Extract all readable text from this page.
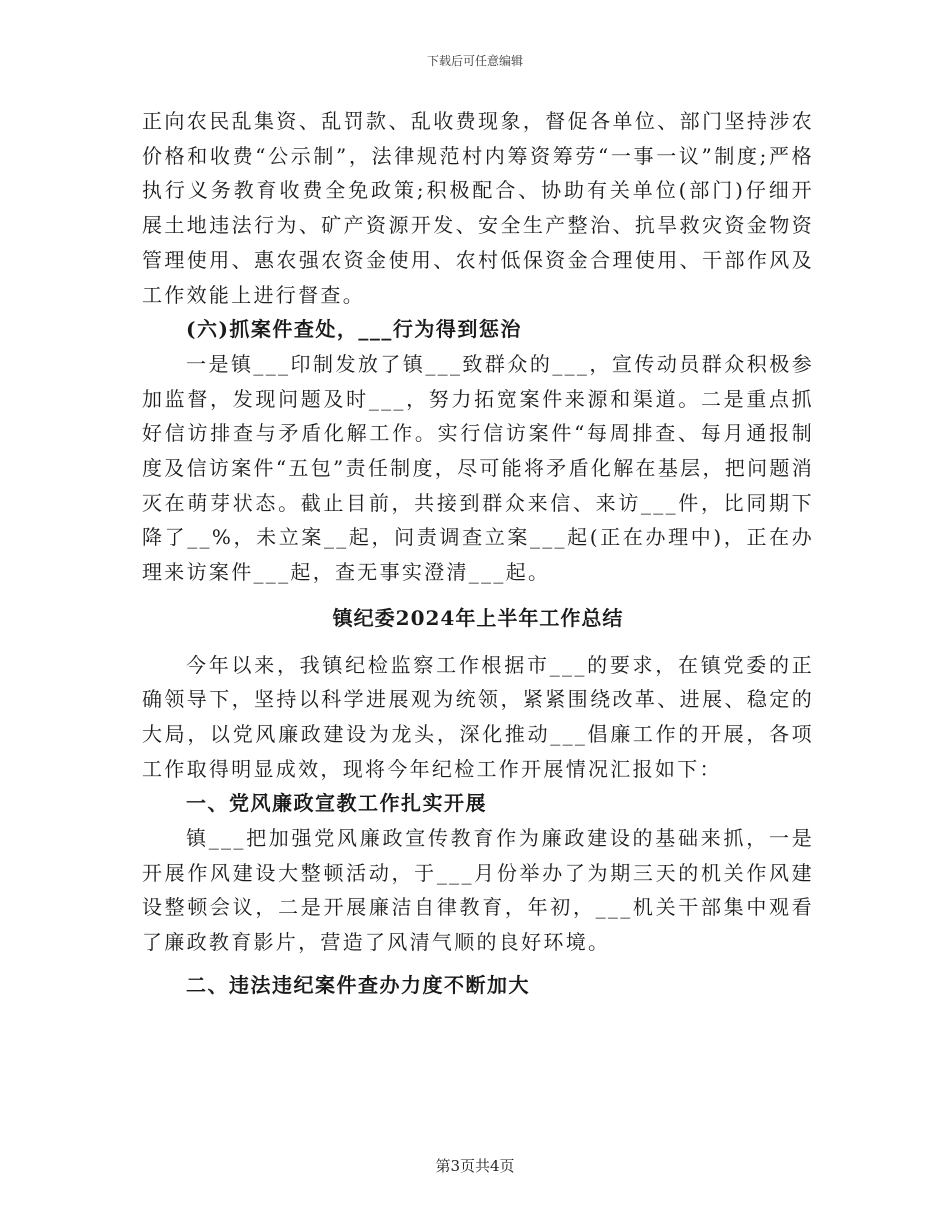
下载后可任意编辑

正向农民乱集资、乱罚款、乱收费现象，督促各单位、部门坚持涉农价格和收费“公示制”，法律规范村内筹资筹劳“一事一议”制度;严格执行义务教育收费全免政策;积极配合、协助有关单位(部门)仔细开展土地违法行为、矿产资源开发、安全生产整治、抗旱救灾资金物资管理使用、惠农强农资金使用、农村低保资金合理使用、干部作风及工作效能上进行督查。

(六)抓案件查处，___行为得到惩治

一是镇___印制发放了镇___致群众的___，宣传动员群众积极参加监督，发现问题及时___，努力拓宽案件来源和渠道。二是重点抓好信访排查与矛盾化解工作。实行信访案件“每周排查、每月通报制度及信访案件“五包”责任制度，尽可能将矛盾化解在基层，把问题消灭在萌芽状态。截止目前，共接到群众来信、来访___件，比同期下降了__%，未立案__起，问责调查立案___起(正在办理中)，正在办理来访案件___起，查无事实澄清___起。

镇纪委2024年上半年工作总结

今年以来，我镇纪检监察工作根据市___的要求，在镇党委的正确领导下，坚持以科学进展观为统领，紧紧围绕改革、进展、稳定的大局，以党风廉政建设为龙头，深化推动___倡廉工作的开展，各项工作取得明显成效，现将今年纪检工作开展情况汇报如下：

一、党风廉政宣教工作扎实开展

镇___把加强党风廉政宣传教育作为廉政建设的基础来抓，一是开展作风建设大整顿活动，于___月份举办了为期三天的机关作风建设整顿会议，二是开展廉洁自律教育，年初，___机关干部集中观看了廉政教育影片，营造了风清气顺的良好环境。

二、违法违纪案件查办力度不断加大

第3页共4页
